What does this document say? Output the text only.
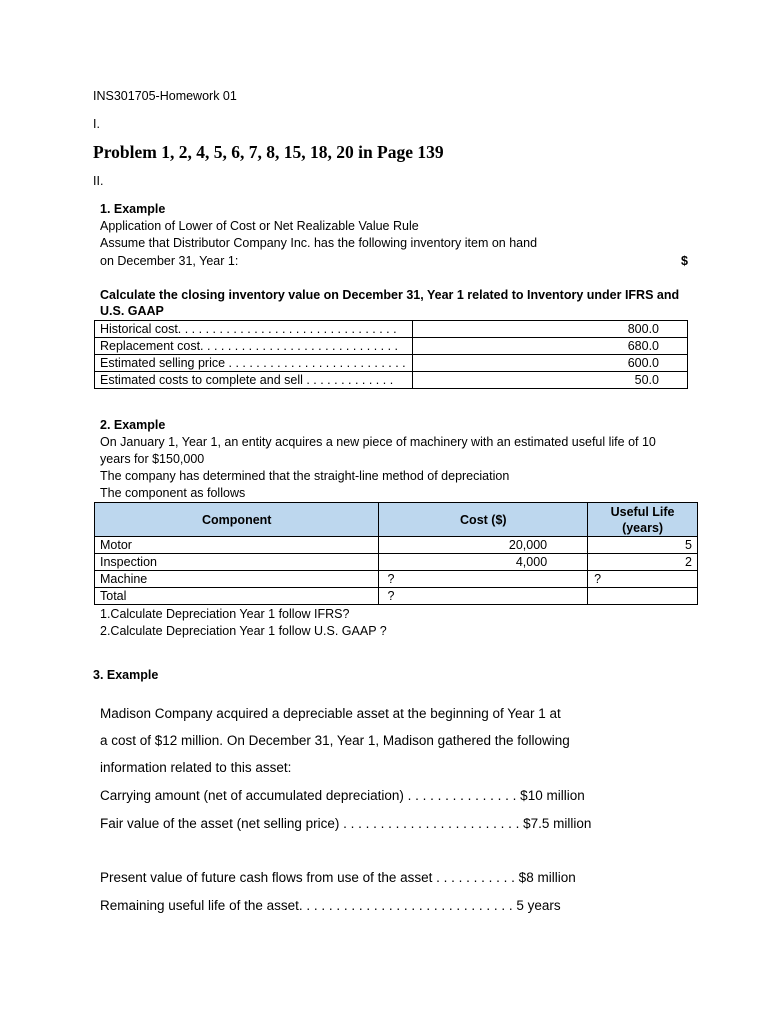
INS301705-Homework 01
I.
Problem 1, 2, 4, 5, 6, 7, 8, 15, 18, 20 in Page 139
II.
1. Example
Application of Lower of Cost or Net Realizable Value Rule
Assume that Distributor Company Inc. has the following inventory item on hand
on December 31, Year 1:	$
Calculate the closing inventory value on December 31, Year 1 related to Inventory under IFRS and
U.S. GAAP
Historical cost. . . . . . . . . . . . . . . . . . . . . . . . . . . . . . . .	800.0
Replacement cost. . . . . . . . . . . . . . . . . . . . . . . . . . . . .	680.0
Estimated selling price . . . . . . . . . . . . . . . . . . . . . . . . . .	600.0
Estimated costs to complete and sell . . . . . . . . . . . . .	50.0
2. Example
On January 1, Year 1, an entity acquires a new piece of machinery with an estimated useful life of 10
years for $150,000
The company has determined that the straight-line method of depreciation
The component as follows
Component	Cost ($)	Useful Life
(years)

Motor	20,000	5
Inspection	4,000	2
Machine	?	?
Total	?	
1.Calculate Depreciation Year 1 follow IFRS?
2.Calculate Depreciation Year 1 follow U.S. GAAP ?
3. Example
Madison Company acquired a depreciable asset at the beginning of Year 1 at
a cost of $12 million. On December 31, Year 1, Madison gathered the following
information related to this asset:
Carrying amount (net of accumulated depreciation) . . . . . . . . . . . . . . . $10 million
Fair value of the asset (net selling price) . . . . . . . . . . . . . . . . . . . . . . . . $7.5 million
Present value of future cash flows from use of the asset . . . . . . . . . . . $8 million
Remaining useful life of the asset. . . . . . . . . . . . . . . . . . . . . . . . . . . . . 5 years
